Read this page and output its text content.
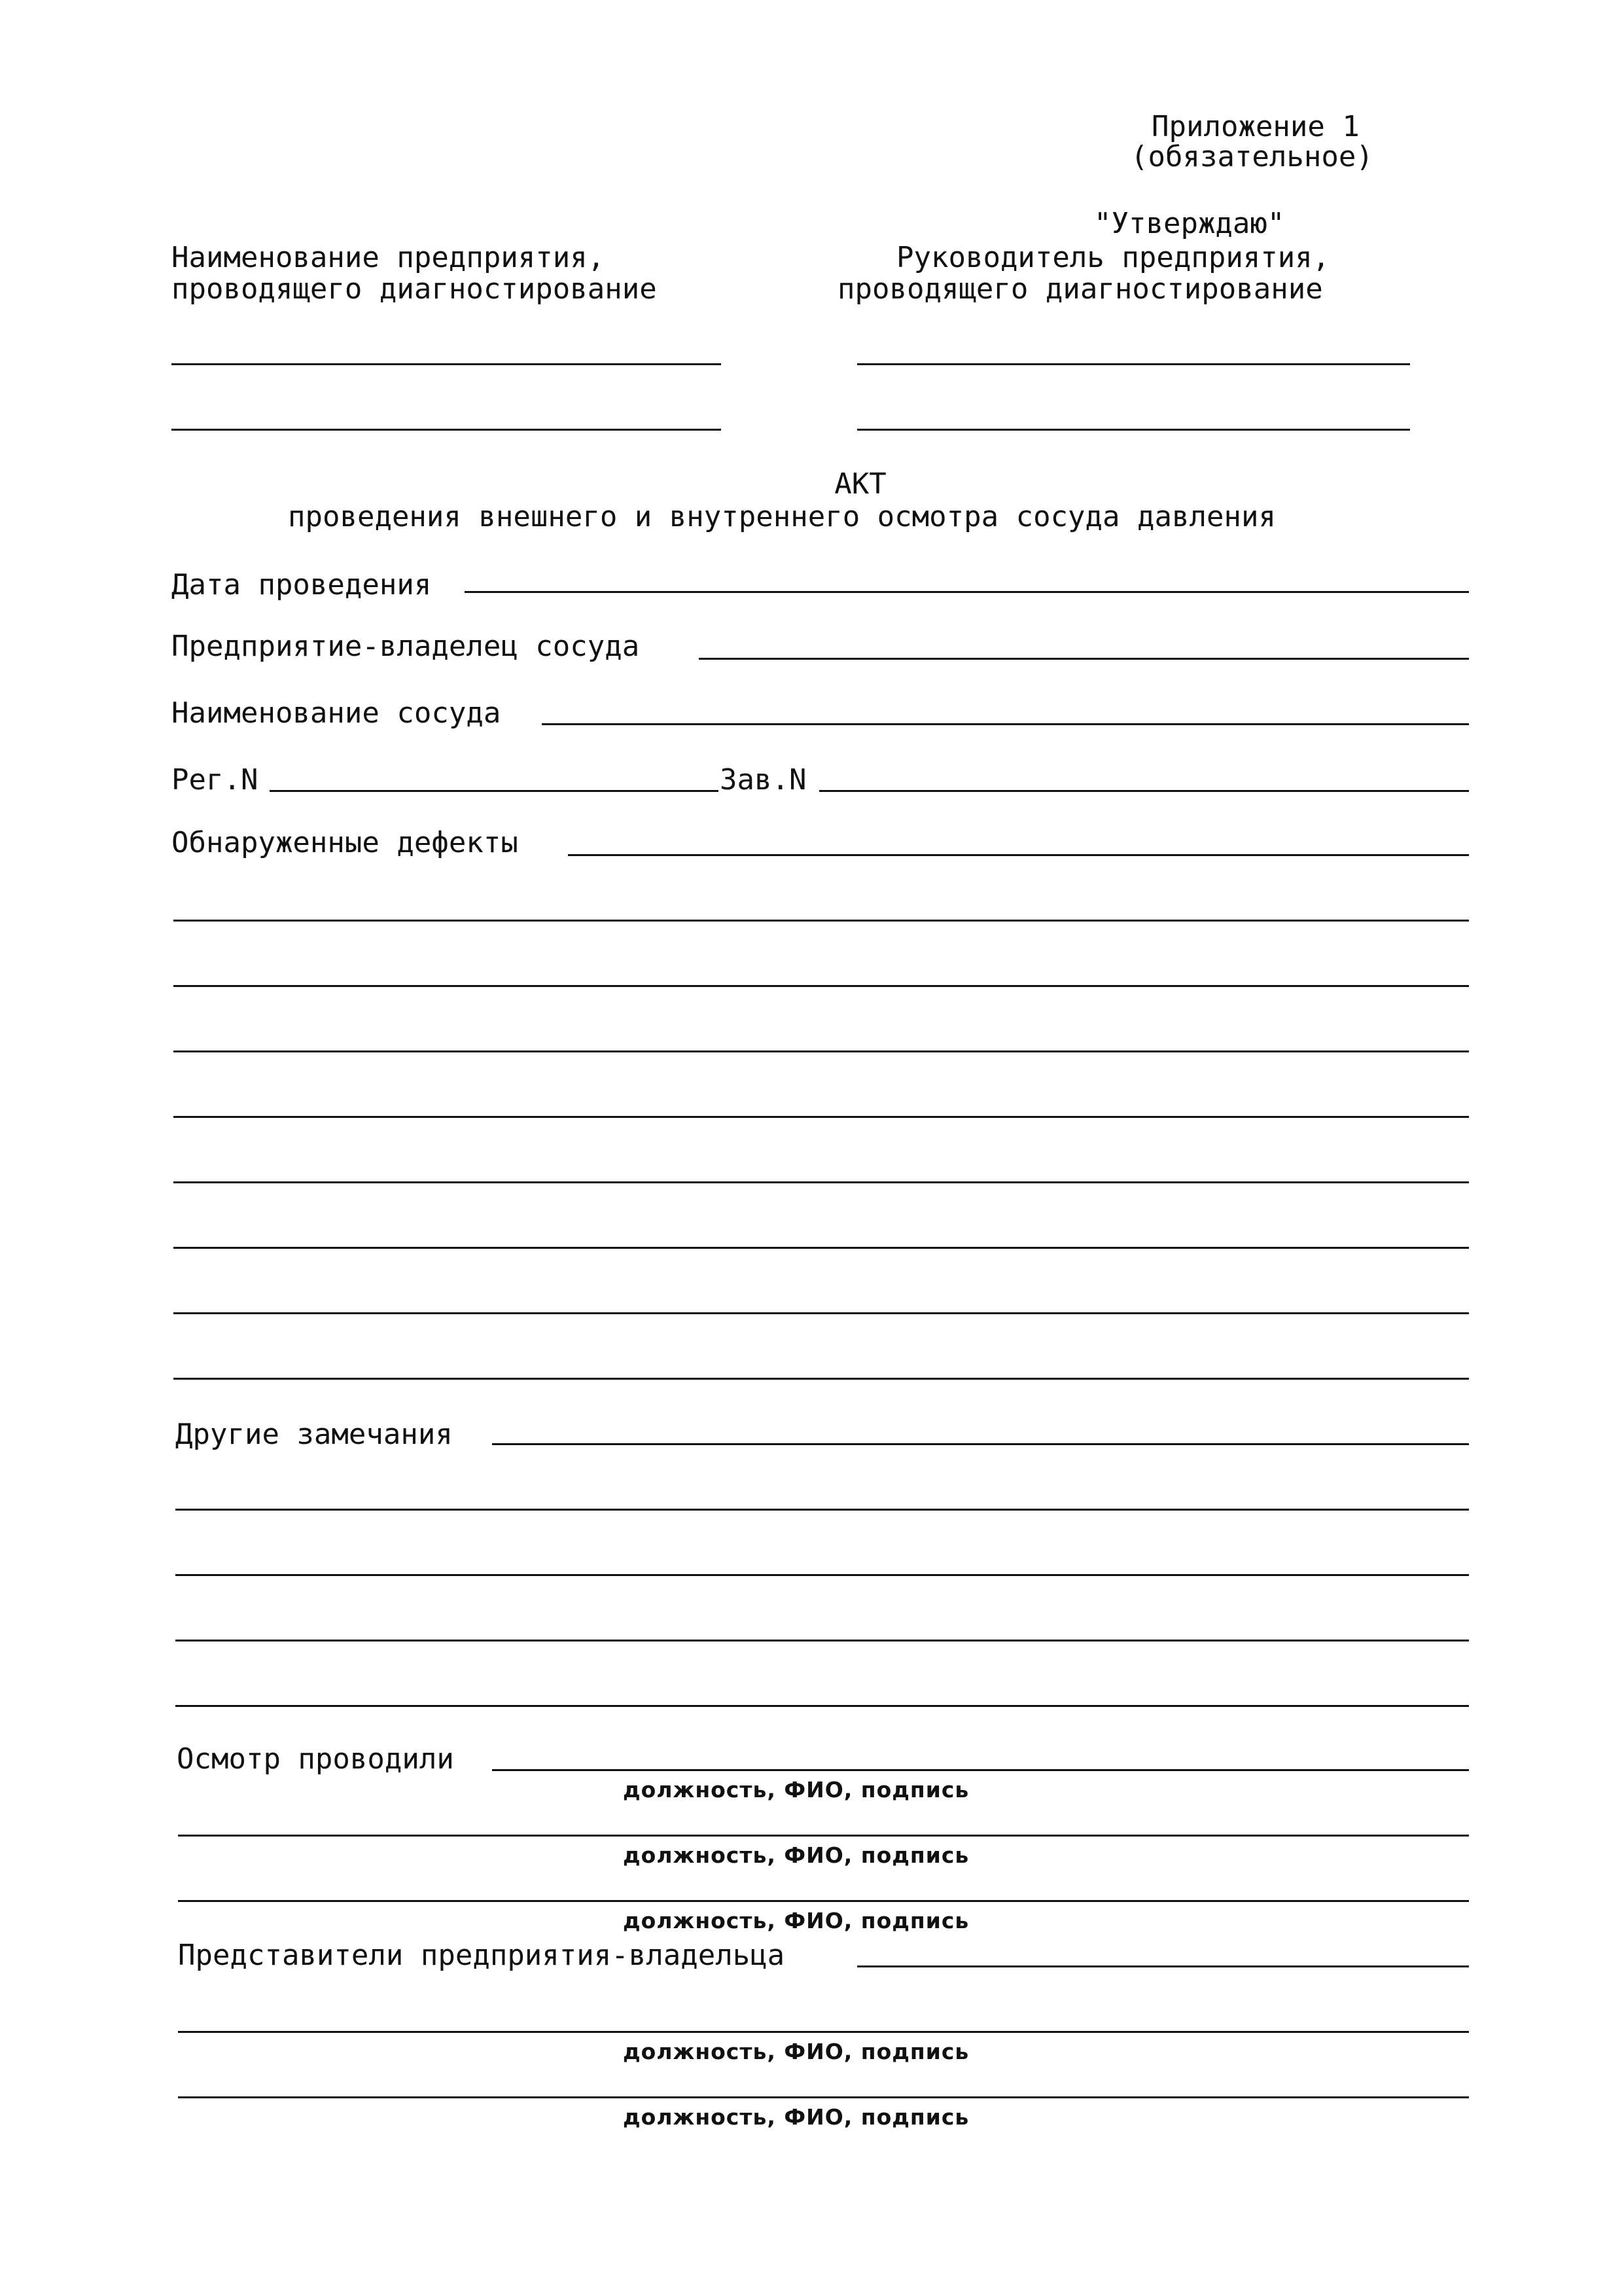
Приложение 1
(обязательное)
"Утверждаю"
Руководитель предприятия,
проводящего диагностирование
Наименование предприятия,
проводящего диагностирование
АКТ
проведения внешнего и внутреннего осмотра сосуда давления
Дата проведения
Предприятие-владелец сосуда
Наименование сосуда
Рег.N	Зав.N
Обнаруженные дефекты
Другие замечания
Осмотр проводили
должность, ФИО, подпись
должность, ФИО, подпись
должность, ФИО, подпись
Представители предприятия-владельца
должность, ФИО, подпись
должность, ФИО, подпись
